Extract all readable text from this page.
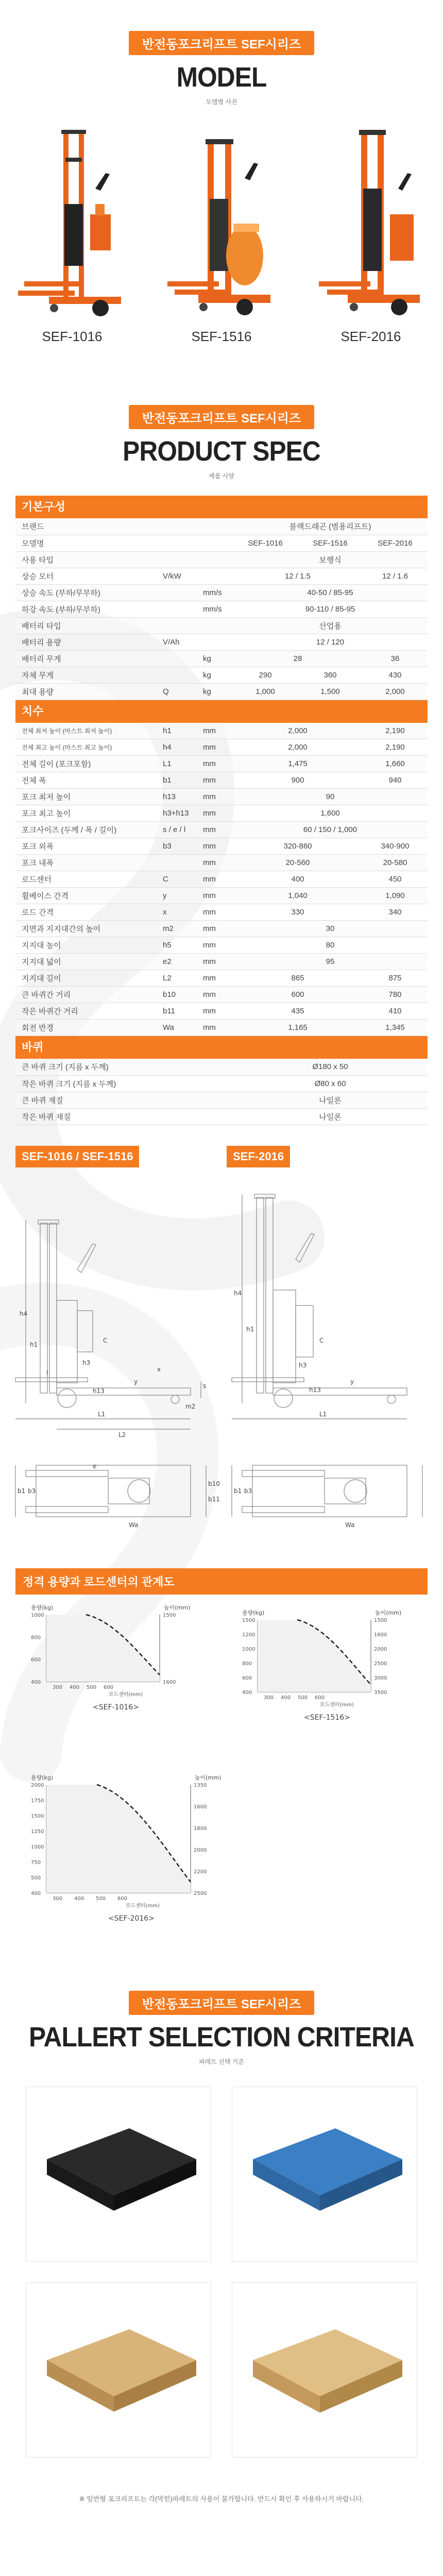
반전동포크리프트 SEF시리즈
MODEL
모델별 사진
SEF-1016	SEF-1516	SEF-2016
반전동포크리프트 SEF시리즈
PRODUCT SPEC
제품 사양
기본구성
브랜드			블랙드래곤 (범용리프트)		
모델명			SEF-1016	SEF-1516	SEF-2016
사용 타입			보행식		
상승 모터	V/kW		12 / 1.5		12 / 1.6
상승 속도 (부하/무부하)		mm/s	40-50 / 85-95		
하강 속도 (부하/무부하)		mm/s	90-110 / 85-95		
배터리 타입			산업용		
배터리 용량	V/Ah		12 / 120		
배터리 무게		kg	28		36
자체 무게		kg	290	360	430
최대 용량	Q	kg	1,000	1,500	2,000
치수
전체 최저 높이 (마스트 최저 높이)	h1	mm	2,000	2,190
전체 최고 높이 (마스트 최고 높이)	h4	mm	2,000	2,190
전체 길이 (포크포함)	L1	mm	1,475	1,660
전체 폭	b1	mm	900	940
포크 최저 높이	h13	mm	90	
포크 최고 높이	h3+h13	mm	1,600	
포크사이즈 (두께 / 폭 / 길이)	s / e / l	mm	60 / 150 / 1,000	
포크 외폭	b3	mm	320-860	340-900
포크 내폭		mm	20-560	20-580
로드센터	C	mm	400	450
휠베이스 간격	y	mm	1,040	1,090
로드 간격	x	mm	330	340
지면과 지지대간의 높이	m2	mm	30	
지지대 높이	h5	mm	80	
지지대 넓이	e2	mm	95	
지지대 길이	L2	mm	865	875
큰 바퀴간 거리	b10	mm	600	780
작은 바퀴간 거리	b11	mm	435	410
회전 반경	Wa	mm	1,165	1,345
바퀴
큰 바퀴 크기 (지름 x 두께)			Ø180 x 50
작은 바퀴 크기 (지름 x 두께)			Ø80 x 60
큰 바퀴 재질			나일론
작은 바퀴 재질			나일론
SEF-1016 / SEF-1516	SEF-2016
h4
h1
h3
h13
l
L1
L2
y
x
C
b1 b3
e
s
m2
Wa
b10
b11
h4
h1
h3
h13
L1
y
C
b1 b3
Wa
정격 용량과 로드센터의 관계도
용량(kg)	높이(mm)
1000
800
600
400
1500
1600
300 400 500 600
로드센터(mm)
<SEF-1016>
용량(kg)	높이(mm)
1500
1200
1000
800
600
400
1500
1600
2000
2500
3000
3500
300 400 500 600
로드센터(mm)
<SEF-1516>
용량(kg)	높이(mm)
2000
1750
1500
1250
1000
750
500
400
1350
1600
1800
2000
2200
2500
300 400 500 600
로드센터(mm)
<SEF-2016>
반전동포크리프트 SEF시리즈
PALLERT SELECTION CRITERIA
파레트 선택 기준
※ 일반형 포크리프트는 각(막힌)파레트의 사용이 불가합니다. 반드시 확인 후 사용하시기 바랍니다.
